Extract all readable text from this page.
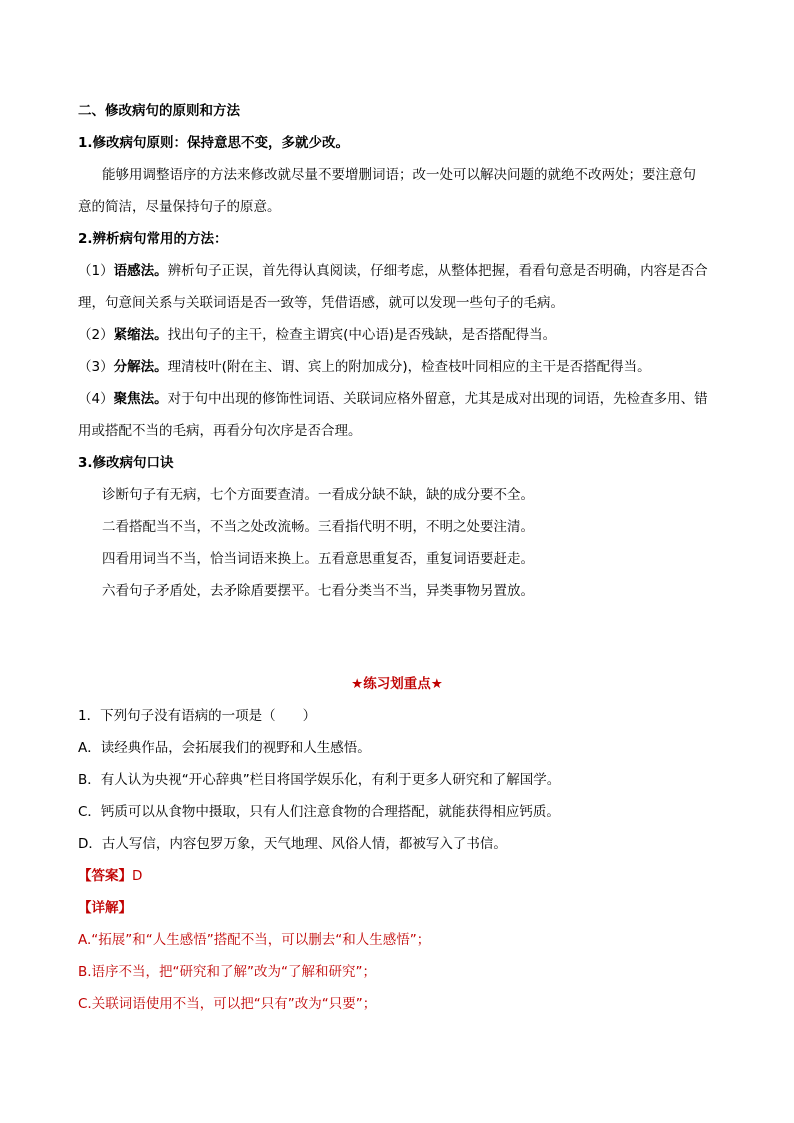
二、修改病句的原则和方法
1.修改病句原则：保持意思不变，多就少改。
能够用调整语序的方法来修改就尽量不要增删词语；改一处可以解决问题的就绝不改两处；要注意句
意的简洁，尽量保持句子的原意。
2.辨析病句常用的方法：
（1）语感法。辨析句子正误，首先得认真阅读，仔细考虑，从整体把握，看看句意是否明确，内容是否合
理，句意间关系与关联词语是否一致等，凭借语感，就可以发现一些句子的毛病。
（2）紧缩法。找出句子的主干，检查主谓宾(中心语)是否残缺，是否搭配得当。
（3）分解法。理清枝叶(附在主、谓、宾上的附加成分)，检查枝叶同相应的主干是否搭配得当。
（4）聚焦法。对于句中出现的修饰性词语、关联词应格外留意，尤其是成对出现的词语，先检查多用、错
用或搭配不当的毛病，再看分句次序是否合理。
3.修改病句口诀
诊断句子有无病，七个方面要查清。一看成分缺不缺，缺的成分要不全。
二看搭配当不当，不当之处改流畅。三看指代明不明，不明之处要注清。
四看用词当不当，恰当词语来换上。五看意思重复否，重复词语要赶走。
六看句子矛盾处，去矛除盾要摆平。七看分类当不当，异类事物另置放。
★练习划重点★
1．下列句子没有语病的一项是（　　）
A．读经典作品，会拓展我们的视野和人生感悟。
B．有人认为央视“开心辞典”栏目将国学娱乐化，有利于更多人研究和了解国学。
C．钙质可以从食物中摄取，只有人们注意食物的合理搭配，就能获得相应钙质。
D．古人写信，内容包罗万象，天气地理、风俗人情，都被写入了书信。
【答案】D
【详解】
A.“拓展”和“人生感悟”搭配不当，可以删去“和人生感悟”；
B.语序不当，把“研究和了解”改为“了解和研究”；
C.关联词语使用不当，可以把“只有”改为“只要”；
